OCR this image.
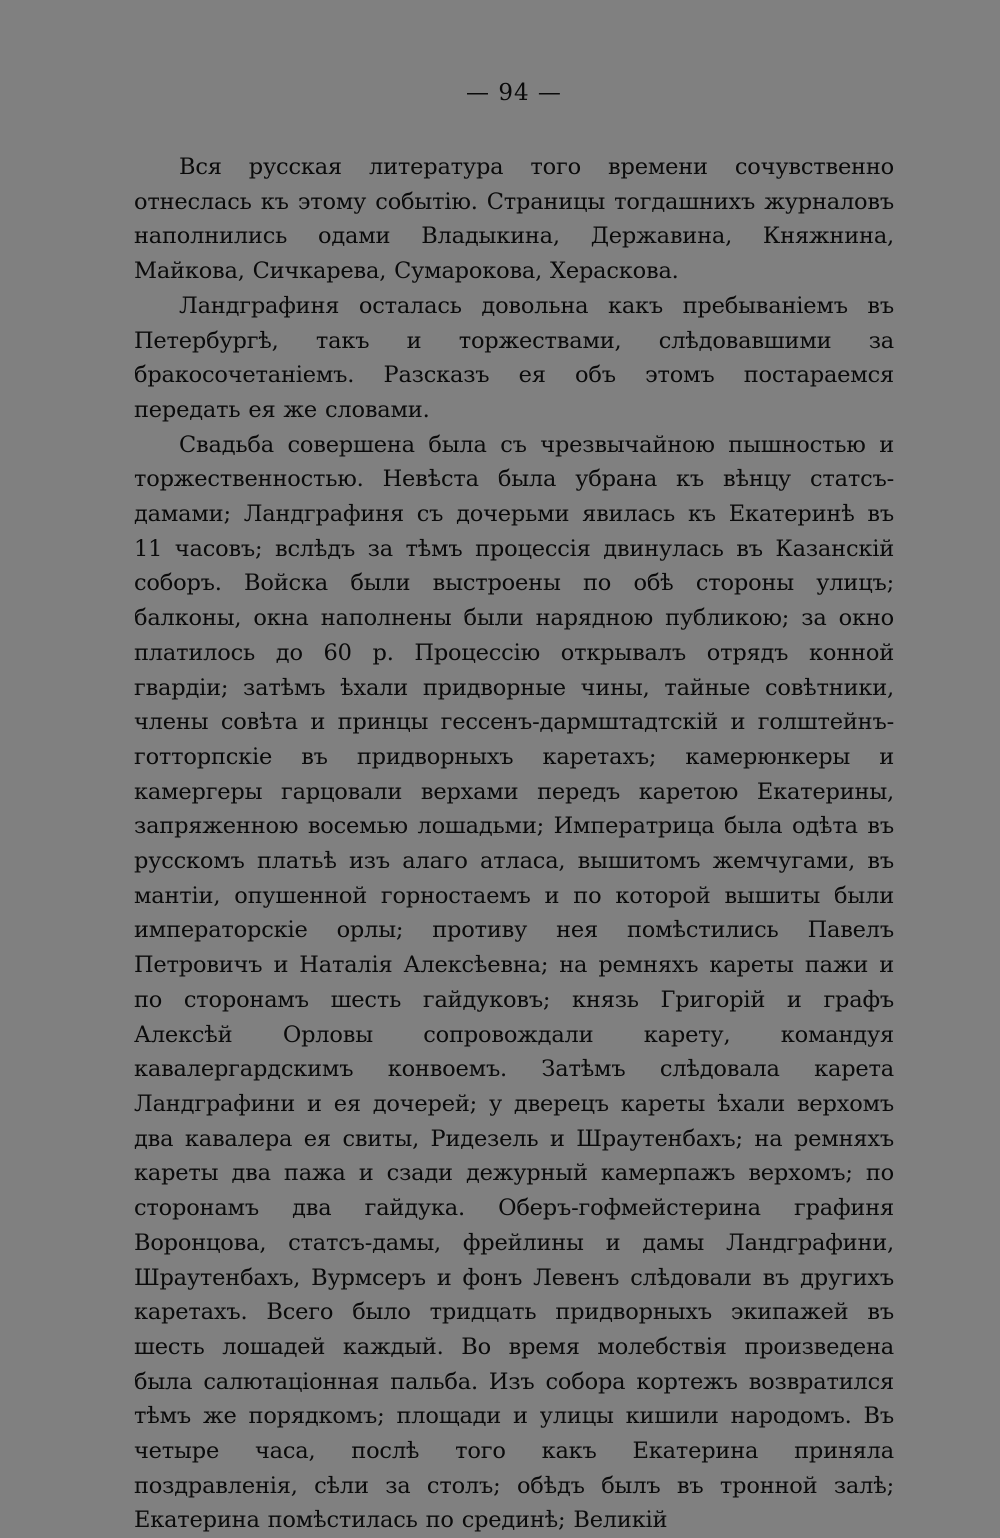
— 94 —

Вся русская литература того времени сочувственно отнеслась къ этому событію. Страницы тогдашнихъ журналовъ наполнились одами Владыкина, Державина, Княжнина, Майкова, Сичкарева, Сумарокова, Хераскова.

Ландграфиня осталась довольна какъ пребываніемъ въ Петербургѣ, такъ и торжествами, слѣдовавшими за бракосочетаніемъ. Разсказъ ея объ этомъ постараемся передать ея же словами.

Свадьба совершена была съ чрезвычайною пышностью и торжественностью. Невѣста была убрана къ вѣнцу статсъ-дамами; Ландграфиня съ дочерьми явилась къ Екатеринѣ въ 11 часовъ; вслѣдъ за тѣмъ процессія двинулась въ Казанскій соборъ. Войска были выстроены по обѣ стороны улицъ; балконы, окна наполнены были нарядною публикою; за окно платилось до 60 р. Процессію открывалъ отрядъ конной гвардіи; затѣмъ ѣхали придворные чины, тайные совѣтники, члены совѣта и принцы гессенъ-дармштадтскій и голштейнъ-готторпскіе въ придворныхъ каретахъ; камерюнкеры и камергеры гарцовали верхами передъ каретою Екатерины, запряженною восемью лошадьми; Императрица была одѣта въ русскомъ платьѣ изъ алаго атласа, вышитомъ жемчугами, въ мантіи, опушенной горностаемъ и по которой вышиты были императорскіе орлы; противу нея помѣстились Павелъ Петровичъ и Наталія Алексѣевна; на ремняхъ кареты пажи и по сторонамъ шесть гайдуковъ; князь Григорій и графъ Алексѣй Орловы сопровождали карету, командуя кавалергардскимъ конвоемъ. Затѣмъ слѣдовала карета Ландграфини и ея дочерей; у дверецъ кареты ѣхали верхомъ два кавалера ея свиты, Ридезель и Шраутенбахъ; на ремняхъ кареты два пажа и сзади дежурный камерпажъ верхомъ; по сторонамъ два гайдука. Оберъ-гофмейстерина графиня Воронцова, статсъ-дамы, фрейлины и дамы Ландграфини, Шраутенбахъ, Вурмсеръ и фонъ Левенъ слѣдовали въ другихъ каретахъ. Всего было тридцать придворныхъ экипажей въ шесть лошадей каждый. Во время молебствія произведена была салютаціонная пальба. Изъ собора кортежъ возвратился тѣмъ же порядкомъ; площади и улицы кишили народомъ. Въ четыре часа, послѣ того какъ Екатерина приняла поздравленія, сѣли за столъ; обѣдъ былъ въ тронной залѣ; Екатерина помѣстилась по срединѣ; Великій
